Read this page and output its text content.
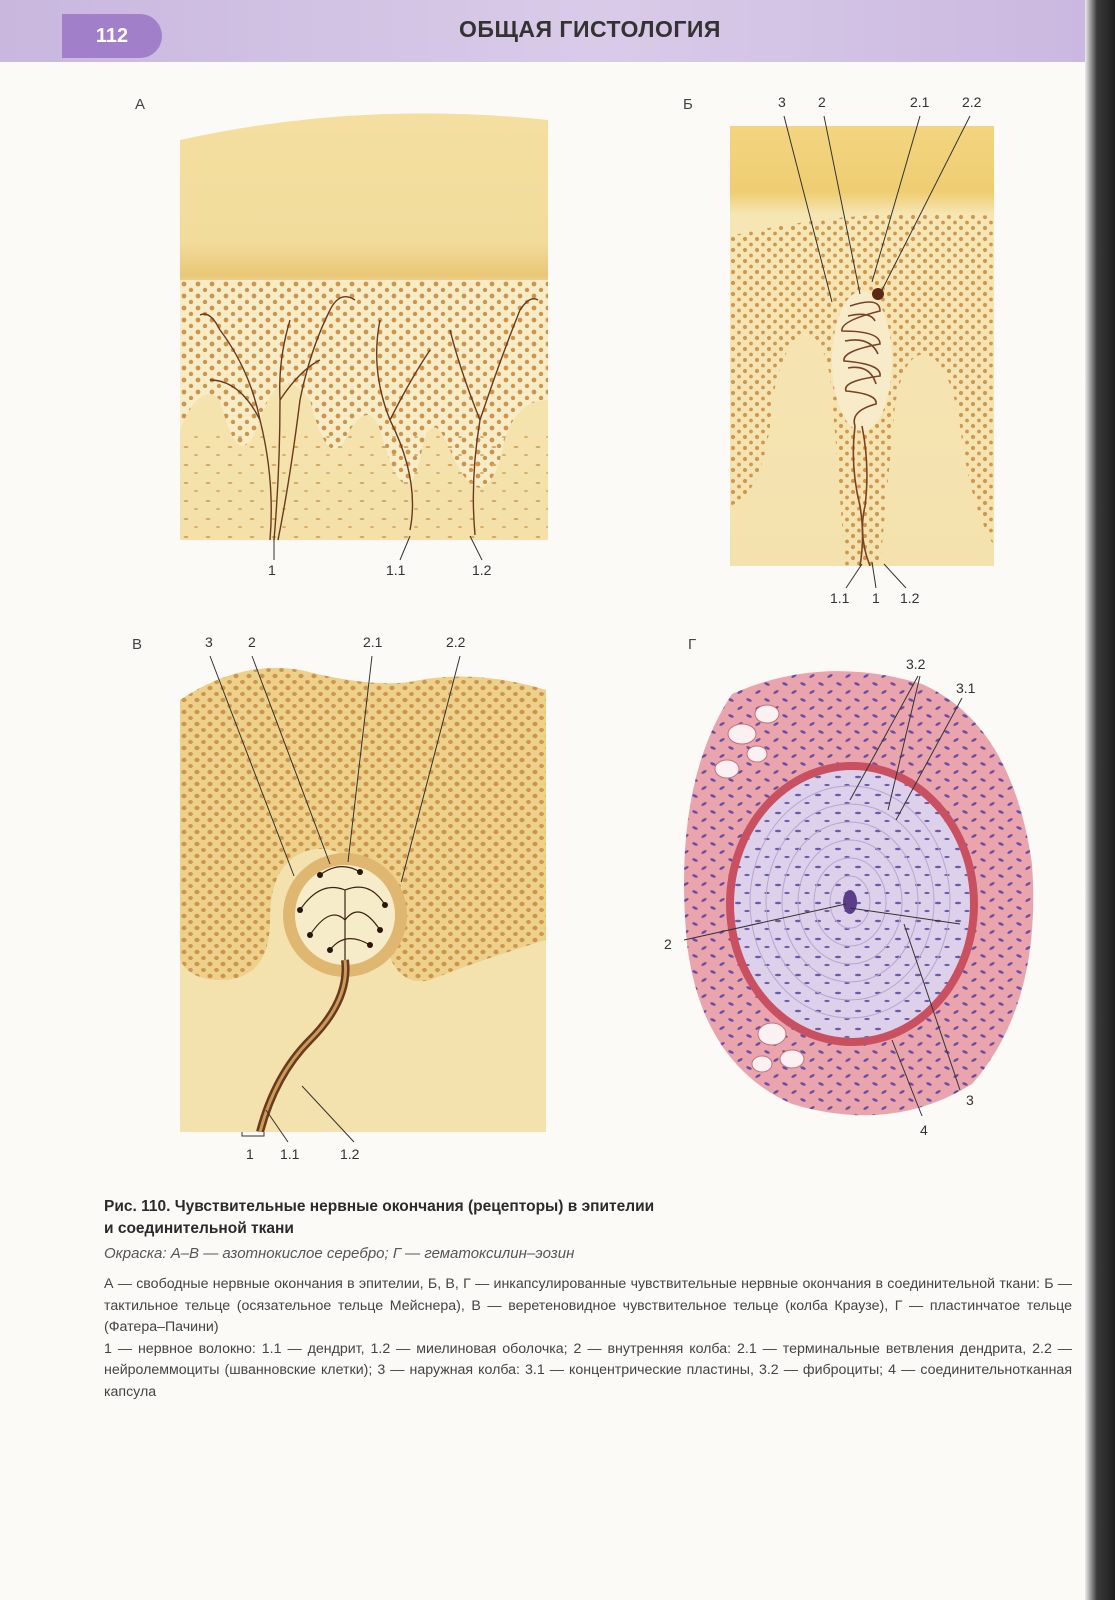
112	ОБЩАЯ ГИСТОЛОГИЯ
А
1	1.1	1.2
Б	3 2	2.1 2.2
1.1 1 1.2
В	3	2	2.1	2.2
1 1.1	1.2
Г
3.2
3.1
2
3
4
Рис. 110. Чувствительные нервные окончания (рецепторы) в эпителии
и соединительной ткани
Окраска: А–В — азотнокислое серебро; Г — гематоксилин–эозин

А — свободные нервные окончания в эпителии, Б, В, Г — инкапсулированные чувствительные нервные окончания в соединительной ткани: Б — тактильное тельце (осязательное тельце Мейснера), В — веретеновидное чувствительное тельце (колба Краузе), Г — пластинчатое тельце (Фатера–Пачини)

1 — нервное волокно: 1.1 — дендрит, 1.2 — миелиновая оболочка; 2 — внутренняя колба: 2.1 — терминальные ветвления дендрита, 2.2 — нейролеммоциты (шванновские клетки); 3 — наружная колба: 3.1 — концентрические пластины, 3.2 — фиброциты; 4 — соединительнотканная капсула
